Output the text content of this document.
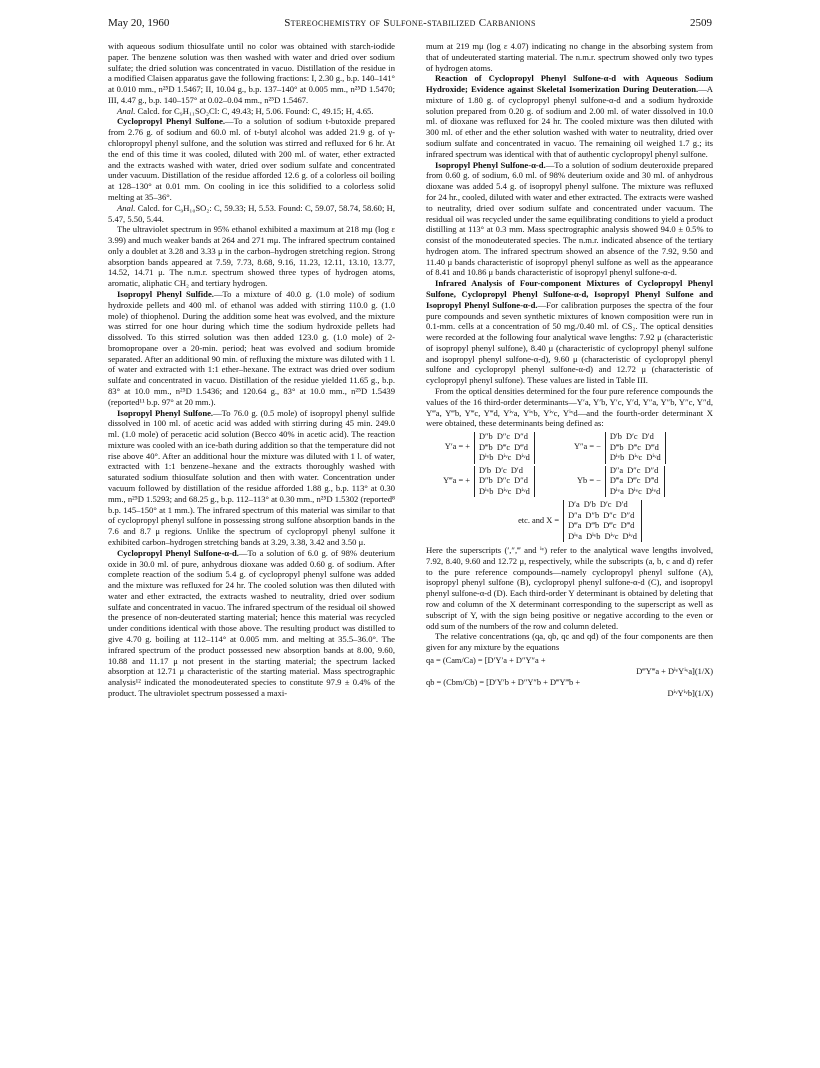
May 20, 1960	Stereochemistry of Sulfone-stabilized Carbanions	2509

with aqueous sodium thiosulfate until no color was obtained with starch-iodide paper. The benzene solution was then washed with water and dried over sodium sulfate; the dried solution was concentrated in vacuo. Distillation of the residue in a modified Claisen apparatus gave the following fractions: I, 2.30 g., b.p. 140–141° at 0.010 mm., n²⁵D 1.5467; II, 10.04 g., b.p. 137–140° at 0.005 mm., n²⁵D 1.5470; III, 4.47 g., b.p. 140–157° at 0.02–0.04 mm., n²⁵D 1.5467.

Anal. Calcd. for C₉H₁₁SO₂Cl: C, 49.43; H, 5.06. Found: C, 49.15; H, 4.65.

Cyclopropyl Phenyl Sulfone.—To a solution of sodium t-butoxide prepared from 2.76 g. of sodium and 60.0 ml. of t-butyl alcohol was added 21.9 g. of γ-chloropropyl phenyl sulfone, and the solution was stirred and refluxed for 6 hr. At the end of this time it was cooled, diluted with 200 ml. of water, ether extracted and the extracts washed with water, dried over sodium sulfate and concentrated under vacuum. Distillation of the residue afforded 12.6 g. of a colorless oil boiling at 128–130° at 0.01 mm. On cooling in ice this solidified to a colorless solid melting at 35–36°.

Anal. Calcd. for C₉H₁₀SO₂: C, 59.33; H, 5.53. Found: C, 59.07, 58.74, 58.60; H, 5.47, 5.50, 5.44.

The ultraviolet spectrum in 95% ethanol exhibited a maximum at 218 mμ (log ε 3.99) and much weaker bands at 264 and 271 mμ. The infrared spectrum contained only a doublet at 3.28 and 3.33 μ in the carbon–hydrogen stretching region. Strong absorption bands appeared at 7.59, 7.73, 8.68, 9.16, 11.23, 12.11, 13.10, 13.77, 14.52, 14.71 μ. The n.m.r. spectrum showed three types of hydrogen atoms, aromatic, aliphatic CH₂ and tertiary hydrogen.

Isopropyl Phenyl Sulfide.—To a mixture of 40.0 g. (1.0 mole) of sodium hydroxide pellets and 400 ml. of ethanol was added with stirring 110.0 g. (1.0 mole) of thiophenol. During the addition some heat was evolved, and the mixture was stirred for one hour during which time the sodium hydroxide pellets had dissolved. To this stirred solution was then added 123.0 g. (1.0 mole) of 2-bromopropane over a 20-min. period; heat was evolved and sodium bromide separated. After an additional 90 min. of refluxing the mixture was diluted with 1 l. of water and extracted with 1:1 ether–hexane. The extract was dried over sodium sulfate and concentrated in vacuo. Distillation of the residue yielded 11.65 g., b.p. 83° at 10.0 mm., n²⁵D 1.5436; and 120.64 g., 83° at 10.0 mm., n²⁵D 1.5439 (reported¹¹ b.p. 97° at 20 mm.).

Isopropyl Phenyl Sulfone.—To 76.0 g. (0.5 mole) of isopropyl phenyl sulfide dissolved in 100 ml. of acetic acid was added with stirring during 45 min. 249.0 ml. (1.0 mole) of peracetic acid solution (Becco 40% in acetic acid). The reaction mixture was cooled with an ice-bath during addition so that the temperature did not rise above 40°. After an additional hour the mixture was diluted with 1 l. of water, extracted with 1:1 benzene–hexane and the extracts thoroughly washed with saturated sodium thiosulfate solution and then with water. Concentration under vacuum followed by distillation of the residue afforded 1.88 g., b.p. 113° at 0.30 mm., n²⁵D 1.5293; and 68.25 g., b.p. 112–113° at 0.30 mm., n²⁵D 1.5302 (reported⁸ b.p. 145–150° at 1 mm.). The infrared spectrum of this material was similar to that of cyclopropyl phenyl sulfone in possessing strong sulfone absorption bands in the 7.6 and 8.7 μ regions. Unlike the spectrum of cyclopropyl phenyl sulfone it exhibited carbon–hydrogen stretching bands at 3.29, 3.38, 3.42 and 3.50 μ.

Cyclopropyl Phenyl Sulfone-α-d.—To a solution of 6.0 g. of 98% deuterium oxide in 30.0 ml. of pure, anhydrous dioxane was added 0.60 g. of sodium. After complete reaction of the sodium 5.4 g. of cyclopropyl phenyl sulfone was added and the mixture was refluxed for 24 hr. The cooled solution was then diluted with water and ether extracted, the extracts washed to neutrality, dried over sodium sulfate and concentrated in vacuo. The infrared spectrum of the residual oil showed the presence of non-deuterated starting material; hence this material was recycled under conditions identical with those above. The resulting product was distilled to give 4.70 g. boiling at 112–114° at 0.005 mm. and melting at 35.5–36.0°. The infrared spectrum of the product possessed new absorption bands at 8.00, 9.60, 10.88 and 11.17 μ not present in the starting material; the spectrum lacked absorption at 12.71 μ characteristic of the starting material. Mass spectrographic analysis¹² indicated the monodeuterated species to constitute 97.9 ± 0.4% of the product. The ultraviolet spectrum possessed a maxi-

mum at 219 mμ (log ε 4.07) indicating no change in the absorbing system from that of undeuterated starting material. The n.m.r. spectrum showed only two types of hydrogen atoms.

Reaction of Cyclopropyl Phenyl Sulfone-α-d with Aqueous Sodium Hydroxide; Evidence against Skeletal Isomerization During Deuteration.—A mixture of 1.80 g. of cyclopropyl phenyl sulfone-α-d and a sodium hydroxide solution prepared from 0.20 g. of sodium and 2.00 ml. of water dissolved in 10.0 ml. of dioxane was refluxed for 24 hr. The cooled mixture was then diluted with 300 ml. of ether and the ether solution washed with water to neutrality, dried over sodium sulfate and concentrated in vacuo. The remaining oil weighed 1.7 g.; its infrared spectrum was identical with that of authentic cyclopropyl phenyl sulfone.

Isopropyl Phenyl Sulfone-α-d.—To a solution of sodium deuteroxide prepared from 0.60 g. of sodium, 6.0 ml. of 98% deuterium oxide and 30 ml. of anhydrous dioxane was added 5.4 g. of isopropyl phenyl sulfone. The mixture was refluxed for 24 hr., cooled, diluted with water and ether extracted. The extracts were washed to neutrality, dried over sodium sulfate and concentrated under vacuum. The residual oil was recycled under the same equilibrating conditions to yield a product distilling at 113° at 0.3 mm. Mass spectrographic analysis showed 94.0 ± 0.5% to consist of the monodeuterated species. The n.m.r. indicated absence of the tertiary hydrogen atom. The infrared spectrum showed an absence of the 7.92, 9.50 and 11.40 μ bands characteristic of isopropyl phenyl sulfone as well as the appearance of 8.41 and 10.86 μ bands characteristic of isopropyl phenyl sulfone-α-d.

Infrared Analysis of Four-component Mixtures of Cyclopropyl Phenyl Sulfone, Cyclopropyl Phenyl Sulfone-α-d, Isopropyl Phenyl Sulfone and Isopropyl Phenyl Sulfone-α-d.—For calibration purposes the spectra of the four pure compounds and seven synthetic mixtures of known composition were run in 0.1-mm. cells at a concentration of 50 mg./0.40 ml. of CS₂. The optical densities were recorded at the following four analytical wave lengths: 7.92 μ (characteristic of isopropyl phenyl sulfone), 8.40 μ (characteristic of cyclopropyl phenyl sulfone and isopropyl phenyl sulfone-α-d), 9.60 μ (characteristic of cyclopropyl phenyl sulfone and cyclopropyl phenyl sulfone-α-d) and 12.72 μ (characteristic of cyclopropyl phenyl sulfone). These values are listed in Table III.

From the optical densities determined for the four pure reference compounds the values of the 16 third-order determinants—Y′a, Y′b, Y′c, Y′d, Y″a, Y″b, Y″c, Y″d, Y‴a, Y‴b, Y‴c, Y‴d, Yⁱᵛa, Yⁱᵛb, Yⁱᵛc, Yⁱᵛd—and the fourth-order determinant X were obtained, these determinants being defined as:

Y′a = +
D″b D″c D″d
D‴b D‴c D‴d
Dⁱᵛb Dⁱᵛc Dⁱᵛd
Y″a = −
D′b D′c D′d
D‴b D‴c D‴d
Dⁱᵛb Dⁱᵛc Dⁱᵛd
Y‴a = +
D′b D′c D′d
D″b D″c D″d
Dⁱᵛb Dⁱᵛc Dⁱᵛd
Yb = −
D″a D″c D″d
D‴a D‴c D‴d
Dⁱᵛa Dⁱᵛc Dⁱᵛd
etc. and X =
D′a D′b D′c D′d
D″a D″b D″c D″d
D‴a D‴b D‴c D‴d
Dⁱᵛa Dⁱᵛb Dⁱᵛc Dⁱᵛd

Here the superscripts (′,″,‴ and ⁱᵛ) refer to the analytical wave lengths involved, 7.92, 8.40, 9.60 and 12.72 μ, respectively, while the subscripts (a, b, c and d) refer to the pure reference compounds—namely cyclopropyl phenyl sulfone (A), isopropyl phenyl sulfone (B), cyclopropyl phenyl sulfone-α-d (C), and isopropyl phenyl sulfone-α-d (D). Each third-order Y determinant is obtained by deleting that row and column of the X determinant corresponding to the superscript as well as subscript of Y, with the sign being positive or negative according to the even or odd sum of the numbers of the row and column deleted.

The relative concentrations (qa, qb, qc and qd) of the four components are then given for any mixture by the equations

qa = (Cam/Ca) = [D′Y′a + D″Y″a +
D‴Y‴a + DⁱᵛYⁱᵛa](1/X)
qb = (Cbm/Cb) = [D′Y′b + D″Y″b + D‴Y‴b +
DⁱᵛYⁱᵛb](1/X)
